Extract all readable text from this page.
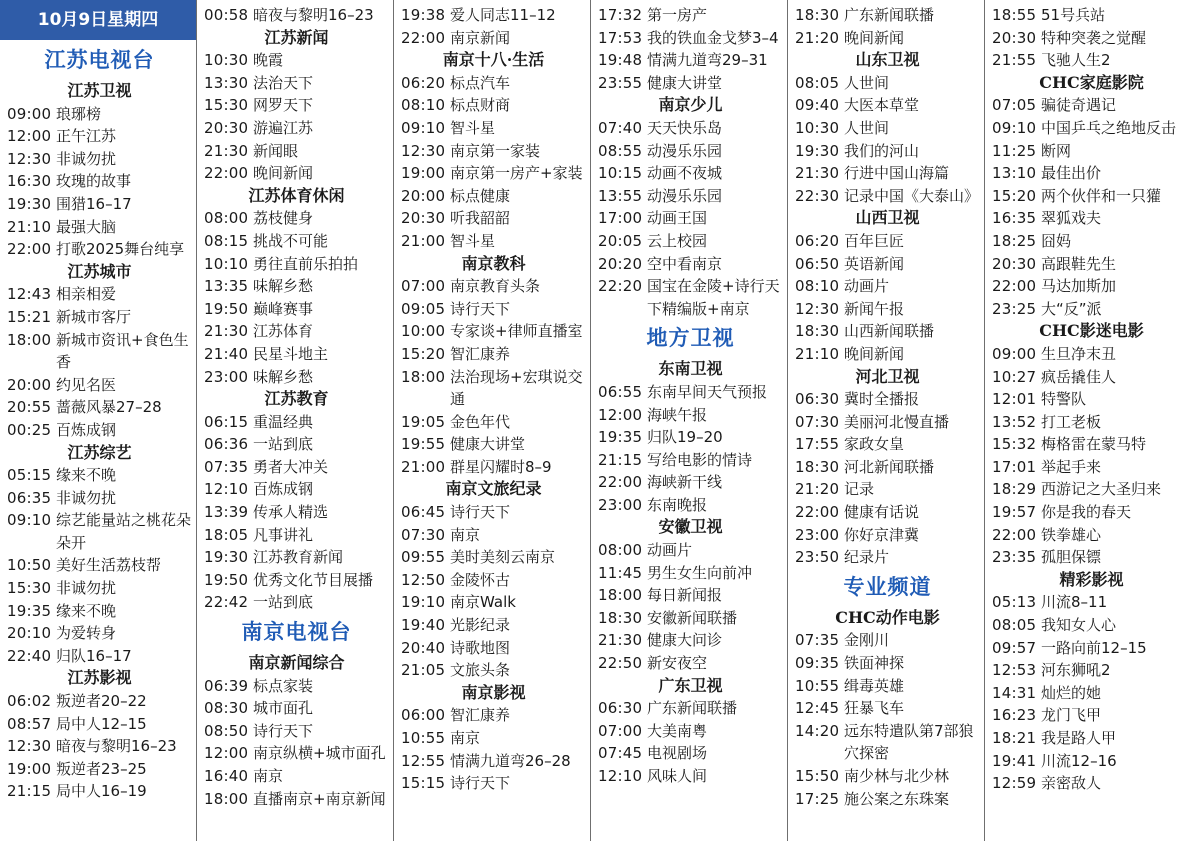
10月9日星期四
江苏电视台
江苏卫视
09:00 琅琊榜
12:00 正午江苏
12:30 非诚勿扰
16:30 玫瑰的故事
19:30 围猎16–17
21:10 最强大脑
22:00 打歌2025舞台纯享
江苏城市
12:43 相亲相爱
15:21 新城市客厅
18:00 新城市资讯+食色生香
20:00 约见名医
20:55 蔷薇风暴27–28
00:25 百炼成钢
江苏综艺
05:15 缘来不晚
06:35 非诚勿扰
09:10 综艺能量站之桃花朵朵开
10:50 美好生活荔枝帮
15:30 非诚勿扰
19:35 缘来不晚
20:10 为爱转身
22:40 归队16–17
江苏影视
06:02 叛逆者20–22
08:57 局中人12–15
12:30 暗夜与黎明16–23
19:00 叛逆者23–25
21:15 局中人16–19
00:58 暗夜与黎明16–23
江苏新闻
10:30 晚霞
13:30 法治天下
15:30 网罗天下
20:30 游遍江苏
21:30 新闻眼
22:00 晚间新闻
江苏体育休闲
08:00 荔枝健身
08:15 挑战不可能
10:10 勇往直前乐拍拍
13:35 味解乡愁
19:50 巅峰赛事
21:30 江苏体育
21:40 民星斗地主
23:00 味解乡愁
江苏教育
06:15 重温经典
06:36 一站到底
07:35 勇者大冲关
12:10 百炼成钢
13:39 传承人精选
18:05 凡事讲礼
19:30 江苏教育新闻
19:50 优秀文化节目展播
22:42 一站到底
南京电视台
南京新闻综合
06:39 标点家装
08:30 城市面孔
08:50 诗行天下
12:00 南京纵横+城市面孔
16:40 南京
18:00 直播南京+南京新闻
19:38 爱人同志11–12
22:00 南京新闻
南京十八·生活
06:20 标点汽车
08:10 标点财商
09:10 智斗星
12:30 南京第一家装
19:00 南京第一房产+家装
20:00 标点健康
20:30 听我韶韶
21:00 智斗星
南京教科
07:00 南京教育头条
09:05 诗行天下
10:00 专家谈+律师直播室
15:20 智汇康养
18:00 法治现场+宏琪说交通
19:05 金色年代
19:55 健康大讲堂
21:00 群星闪耀时8–9
南京文旅纪录
06:45 诗行天下
07:30 南京
09:55 美时美刻云南京
12:50 金陵怀古
19:10 南京Walk
19:40 光影纪录
20:40 诗歌地图
21:05 文旅头条
南京影视
06:00 智汇康养
10:55 南京
12:55 情满九道弯26–28
15:15 诗行天下
17:32 第一房产
17:53 我的铁血金戈梦3–4
19:48 情满九道弯29–31
23:55 健康大讲堂
南京少儿
07:40 天天快乐岛
08:55 动漫乐乐园
10:15 动画不夜城
13:55 动漫乐乐园
17:00 动画王国
20:05 云上校园
20:20 空中看南京
22:20 国宝在金陵+诗行天下精编版+南京
地方卫视
东南卫视
06:55 东南早间天气预报
12:00 海峡午报
19:35 归队19–20
21:15 写给电影的情诗
22:00 海峡新干线
23:00 东南晚报
安徽卫视
08:00 动画片
11:45 男生女生向前冲
18:00 每日新闻报
18:30 安徽新闻联播
21:30 健康大问诊
22:50 新安夜空
广东卫视
06:30 广东新闻联播
07:00 大美南粤
07:45 电视剧场
12:10 风味人间
18:30 广东新闻联播
21:20 晚间新闻
山东卫视
08:05 人世间
09:40 大医本草堂
10:30 人世间
19:30 我们的河山
21:30 行进中国山海篇
22:30 记录中国《大泰山》
山西卫视
06:20 百年巨匠
06:50 英语新闻
08:10 动画片
12:30 新闻午报
18:30 山西新闻联播
21:10 晚间新闻
河北卫视
06:30 冀时全播报
07:30 美丽河北慢直播
17:55 家政女皇
18:30 河北新闻联播
21:20 记录
22:00 健康有话说
23:00 你好京津冀
23:50 纪录片
专业频道
CHC动作电影
07:35 金刚川
09:35 铁面神探
10:55 缉毒英雄
12:45 狂暴飞车
14:20 远东特遣队第7部狼穴探密
15:50 南少林与北少林
17:25 施公案之东珠案
18:55 51号兵站
20:30 特种突袭之觉醒
21:55 飞驰人生2
CHC家庭影院
07:05 骗徒奇遇记
09:10 中国乒乓之绝地反击
11:25 断网
13:10 最佳出价
15:20 两个伙伴和一只獾
16:35 翠狐戏夫
18:25 囧妈
20:30 高跟鞋先生
22:00 马达加斯加
23:25 大“反”派
CHC影迷电影
09:00 生旦净末丑
10:27 疯岳撬佳人
12:01 特警队
13:52 打工老板
15:32 梅格雷在蒙马特
17:01 举起手来
18:29 西游记之大圣归来
19:57 你是我的春天
22:00 铁拳雄心
23:35 孤胆保镖
精彩影视
05:13 川流8–11
08:05 我知女人心
09:57 一路向前12–15
12:53 河东狮吼2
14:31 灿烂的她
16:23 龙门飞甲
18:21 我是路人甲
19:41 川流12–16
12:59 亲密敌人
